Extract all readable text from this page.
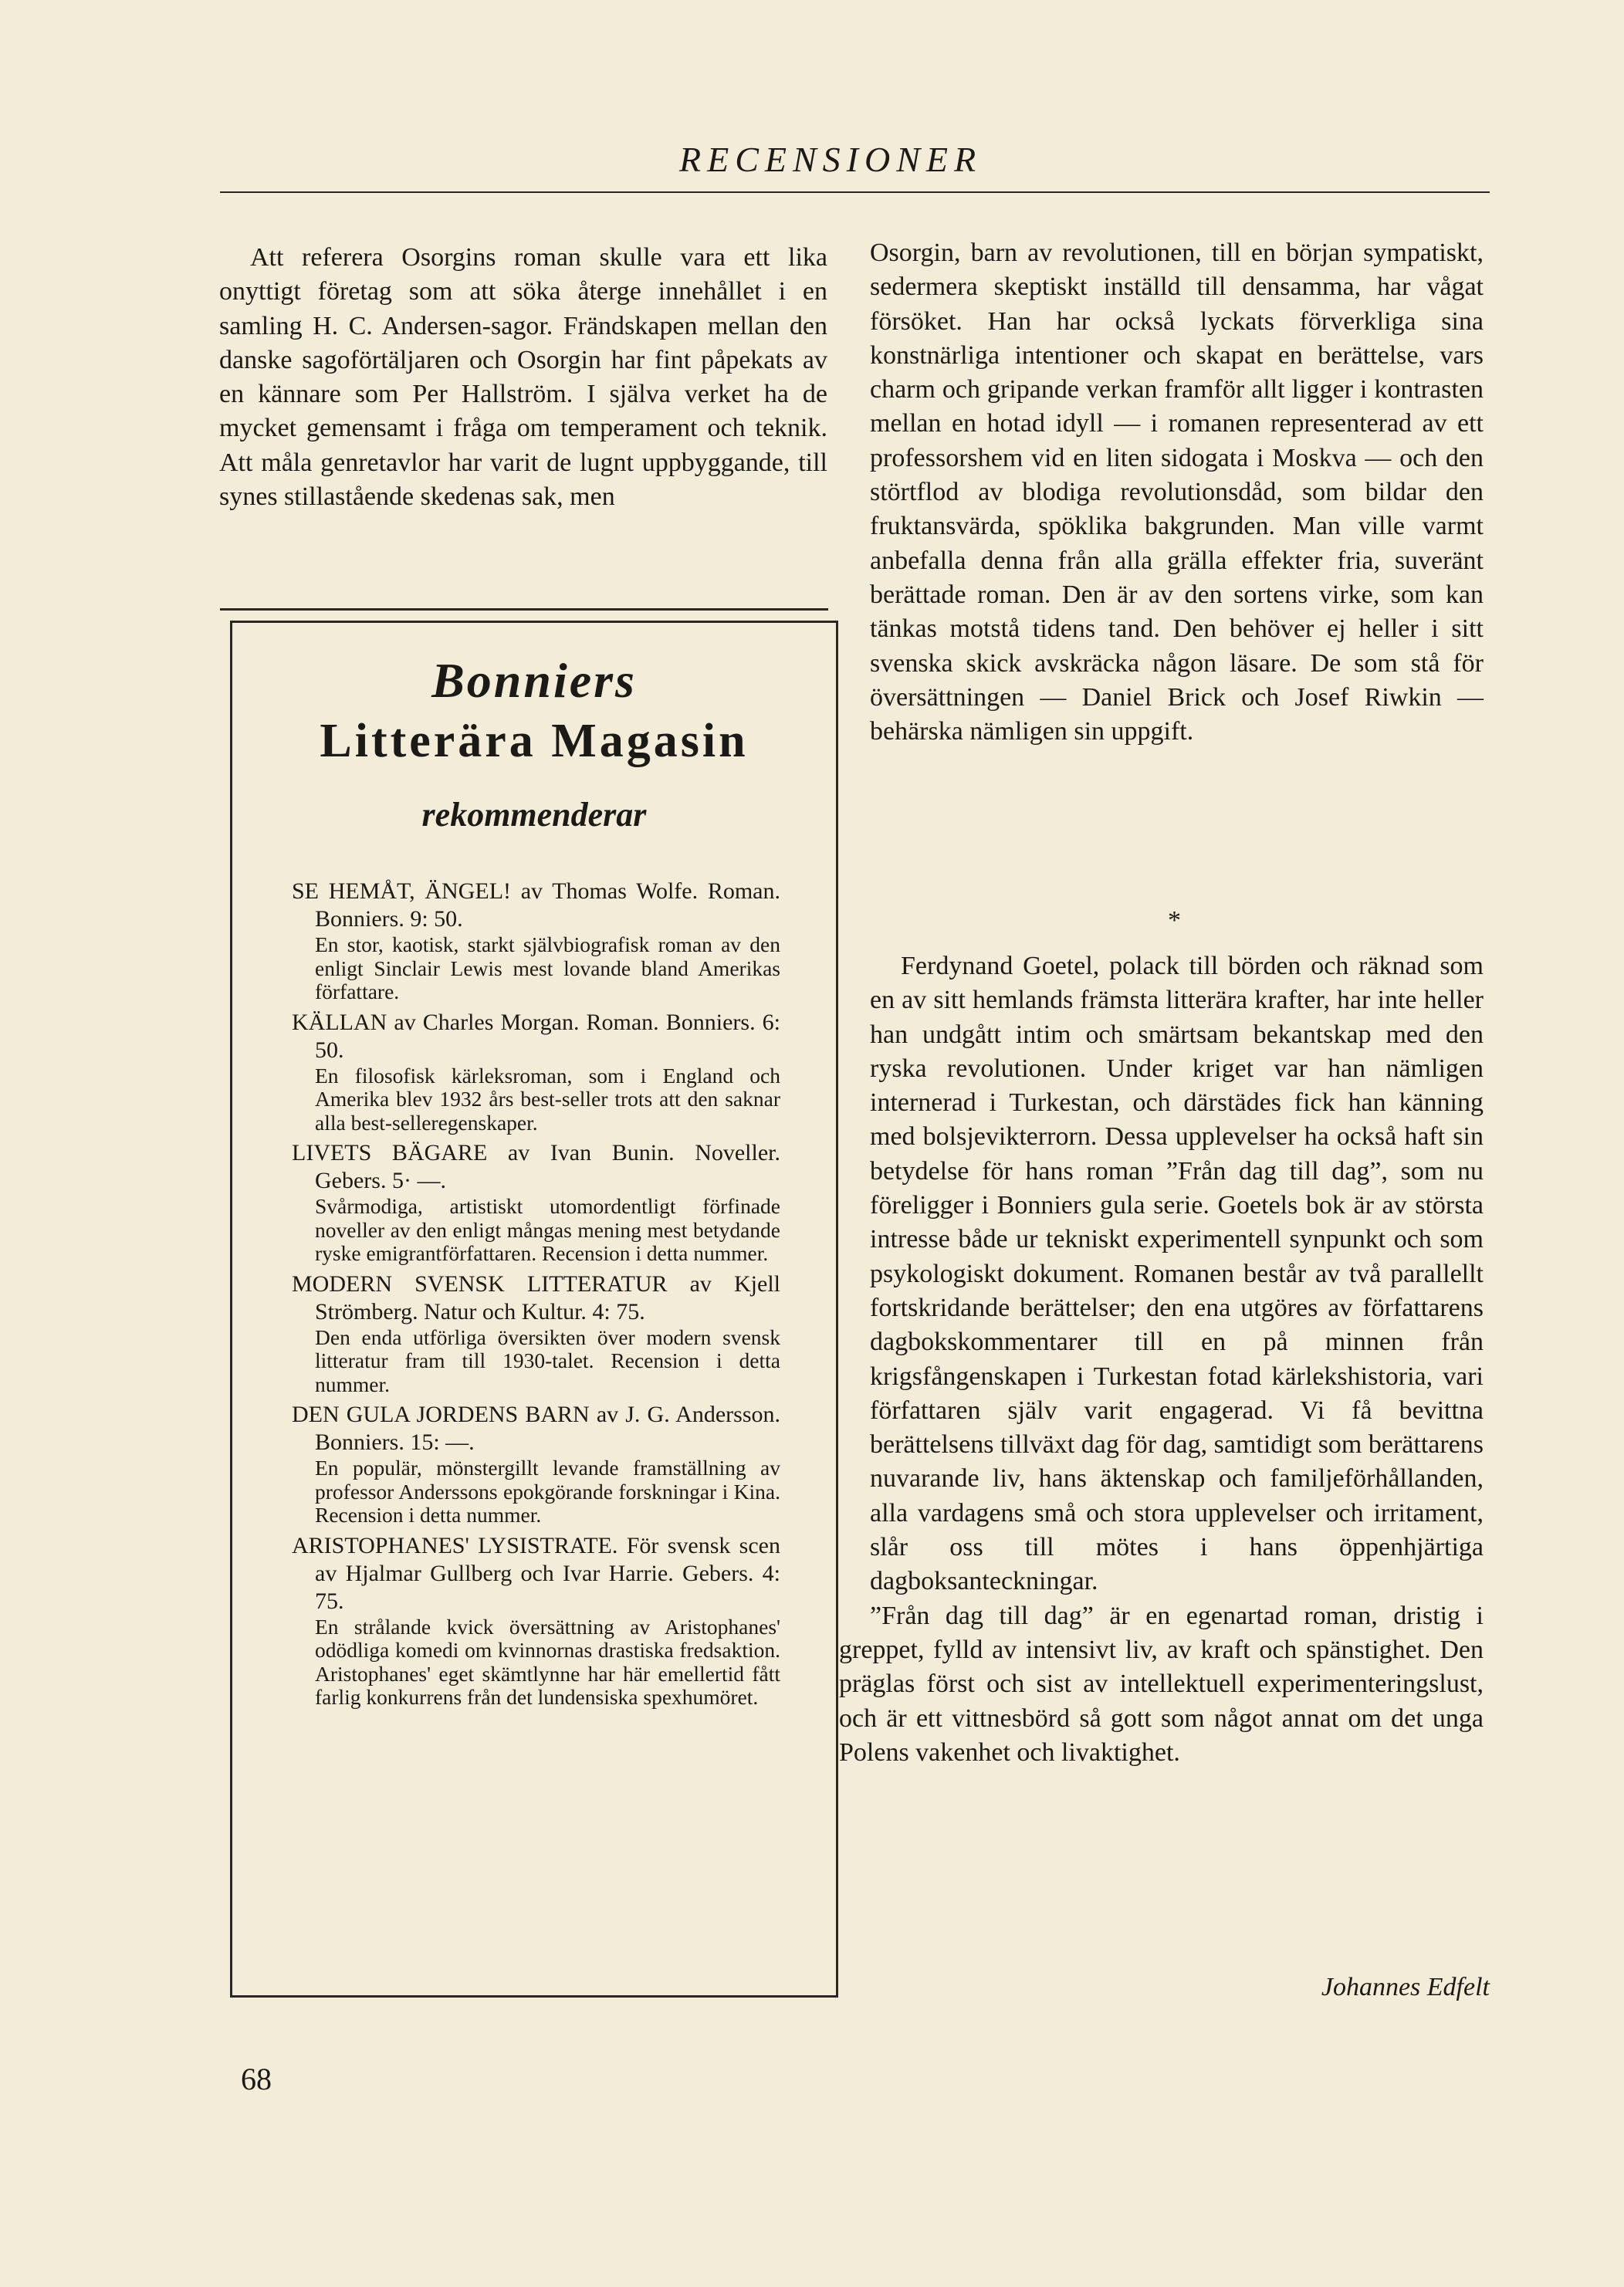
RECENSIONER

Att referera Osorgins roman skulle vara ett lika onyttigt företag som att söka återge innehållet i en samling H. C. Andersen-sagor. Frändskapen mellan den danske sagoförtäljaren och Osorgin har fint påpekats av en kännare som Per Hallström. I själva verket ha de mycket gemensamt i fråga om temperament och teknik. Att måla genretavlor har varit de lugnt uppbyggande, till synes stillastående skedenas sak, men

Bonniers
Litterära Magasin
rekommenderar

SE HEMÅT, ÄNGEL! av Thomas Wolfe. Roman. Bonniers. 9: 50.

En stor, kaotisk, starkt självbiografisk roman av den enligt Sinclair Lewis mest lovande bland Amerikas författare.

KÄLLAN av Charles Morgan. Roman. Bonniers. 6: 50.

En filosofisk kärleksroman, som i England och Amerika blev 1932 års best-seller trots att den saknar alla best-selleregenskaper.

LIVETS BÄGARE av Ivan Bunin. Noveller. Gebers. 5· —.

Svårmodiga, artistiskt utomordentligt förfinade noveller av den enligt mångas mening mest betydande ryske emigrantförfattaren. Recension i detta nummer.

MODERN SVENSK LITTERATUR av Kjell Strömberg. Natur och Kultur. 4: 75.

Den enda utförliga översikten över modern svensk litteratur fram till 1930-talet. Recension i detta nummer.

DEN GULA JORDENS BARN av J. G. Andersson. Bonniers. 15: —.

En populär, mönstergillt levande framställning av professor Anderssons epokgörande forskningar i Kina. Recension i detta nummer.

ARISTOPHANES' LYSISTRATE. För svensk scen av Hjalmar Gullberg och Ivar Harrie. Gebers. 4: 75.

En strålande kvick översättning av Aristophanes' odödliga komedi om kvinnornas drastiska fredsaktion. Aristophanes' eget skämtlynne har här emellertid fått farlig konkurrens från det lundensiska spexhumöret.

Osorgin, barn av revolutionen, till en början sympatiskt, sedermera skeptiskt inställd till densamma, har vågat försöket. Han har också lyckats förverkliga sina konstnärliga intentioner och skapat en berättelse, vars charm och gripande verkan framför allt ligger i kontrasten mellan en hotad idyll — i romanen representerad av ett professorshem vid en liten sidogata i Moskva — och den störtflod av blodiga revolutionsdåd, som bildar den fruktansvärda, spöklika bakgrunden. Man ville varmt anbefalla denna från alla grälla effekter fria, suveränt berättade roman. Den är av den sortens virke, som kan tänkas motstå tidens tand. Den behöver ej heller i sitt svenska skick avskräcka någon läsare. De som stå för översättningen — Daniel Brick och Josef Riwkin — behärska nämligen sin uppgift.

*

Ferdynand Goetel, polack till börden och räknad som en av sitt hemlands främsta litterära krafter, har inte heller han undgått intim och smärtsam bekantskap med den ryska revolutionen. Under kriget var han nämligen internerad i Turkestan, och därstädes fick han känning med bolsjevikterrorn. Dessa upplevelser ha också haft sin betydelse för hans roman ”Från dag till dag”, som nu föreligger i Bonniers gula serie. Goetels bok är av största intresse både ur tekniskt experimentell synpunkt och som psykologiskt dokument. Romanen består av två parallellt fortskridande berättelser; den ena utgöres av författarens dagbokskommentarer till en på minnen från krigsfångenskapen i Turkestan fotad kärlekshistoria, vari författaren själv varit engagerad. Vi få bevittna berättelsens tillväxt dag för dag, samtidigt som berättarens nuvarande liv, hans äktenskap och familjeförhållanden, alla vardagens små och stora upplevelser och irritament, slår oss till mötes i hans öppenhjärtiga dagboksanteckningar.
”Från dag till dag” är en egenartad roman, dristig i greppet, fylld av intensivt liv, av kraft och spänstighet. Den präglas först och sist av intellektuell experimenteringslust, och är ett vittnesbörd så gott som något annat om det unga Polens vakenhet och livaktighet.

Johannes Edfelt

68
